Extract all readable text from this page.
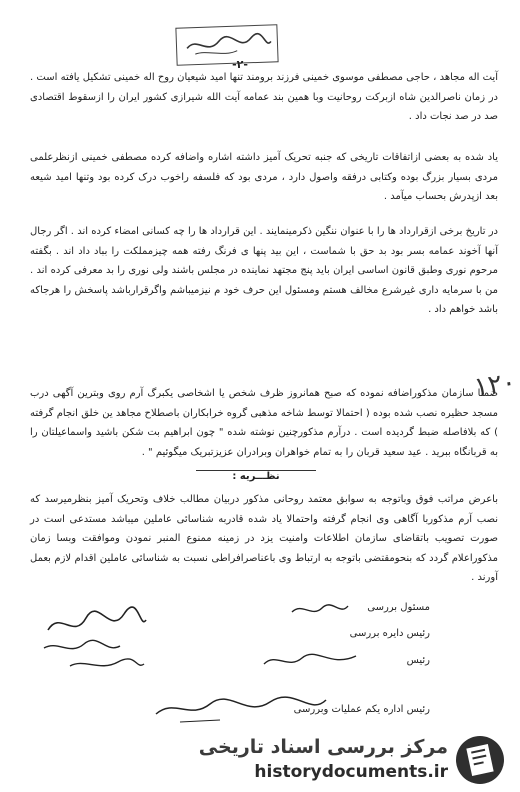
-۲-
۱۲۰
آیت اله مجاهد ، حاجی مصطفی موسوی خمینی فرزند برومند تنها امید شیعیان روح اله خمینی تشکیل یافته است . در زمان ناصرالدین شاه ازبرکت روحانیت وبا همین بند عمامه آیت الله شیرازی کشور ایران را ازسقوط اقتصادی صد در صد نجات داد .
یاد شده به بعضی ازاتفاقات تاریخی که جنبه تحریک آمیز داشته اشاره واضافه کرده مصطفی خمینی ازنظرعلمی مردی بسیار بزرگ بوده وکتابی درفقه واصول دارد ، مردی بود که فلسفه راخوب درک کرده بود وتنها امید شیعه بعد ازپدرش بحساب میآمد .
در تاریخ برخی ازقرارداد ها را با عنوان ننگین ذکرمینمایند . این قرارداد ها را چه کسانی امضاء کرده اند . اگر رجال آنها آخوند عمامه بسر بود بد حق با شماست ، این بید پنها ی فرنگ رفته همه چیزمملکت را بباد داد اند . بگفته مرحوم نوری وطبق قانون اساسی ایران باید پنج مجتهد نماینده در مجلس باشند ولی نوری را بد معرفی کرده اند . من با سرمایه داری غیرشرع مخالف هستم ومسئول این حرف خود م نیزمیباشم واگرقرارباشد پاسخش را هرجاکه باشد خواهم داد .
ضمنا سازمان مذکوراضافه نموده که صبح همانروز ظرف شخص یا اشخاصی یکبرگ آرم روی وبترین آگهی درب مسجد حظیره نصب شده بوده ( احتمالا توسط شاخه مذهبی گروه خرابکاران باصطلاح مجاهد ین خلق انجام گرفته ) که بلافاصله ضبط گردیده است . درآرم مذکورچنین نوشته شده " چون ابراهیم بت شکن باشید واسماعیلتان را به قربانگاه ببرید . عید سعید قربان را به تمام خواهران وبرادران عزیزتبریک میگوئیم " .
نظـــریه :
باعرض مراتب فوق وباتوجه به سوابق معتمد روحانی مذکور دربیان مطالب خلاف وتحریک آمیز بنظرمیرسد که نصب آرم مذکوربا آگاهی وی انجام گرفته واحتمالا یاد شده قادربه شناسائی عاملین میباشد مستدعی است در صورت تصویب باتقاضای سازمان اطلاعات وامنیت یزد در زمینه ممنوع المنبر نمودن وموافقت وبسا زمان مذکوراعلام گردد که بنحومقتضی باتوجه به ارتباط وی باعناصرافراطی نسبت به شناسائی عاملین اقدام لازم بعمل آورند .
مسئول بررسی
رئیس دایره بررسی
رئیس
رئیس اداره یکم عملیات وبررسی
مرکز بررسی اسناد تاریخی
historydocuments.ir
